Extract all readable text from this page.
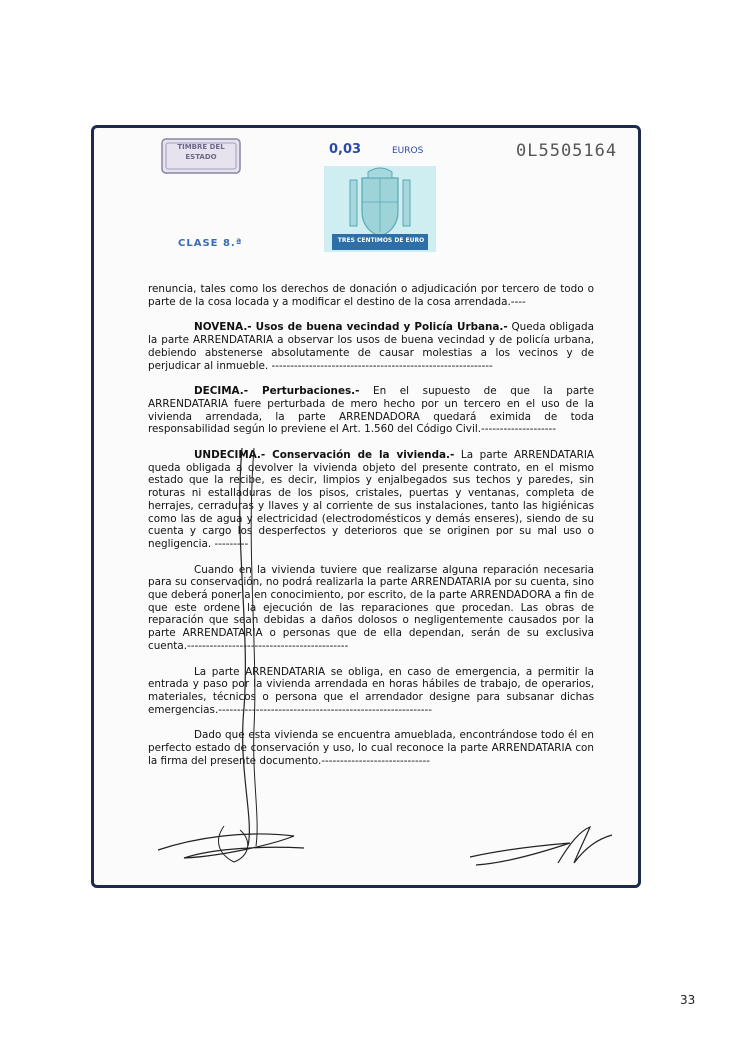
TIMBRE DEL ESTADO	0,03	EUROS
TRES CENTIMOS DE EURO
0L5505164
CLASE 8.ª

renuncia, tales como los derechos de donación o adjudicación por tercero de todo o parte de la cosa locada y a modificar el destino de la cosa arrendada.----

NOVENA.- Usos de buena vecindad y Policía Urbana.- Queda obligada la parte ARRENDATARIA a observar los usos de buena vecindad y de policía urbana, debiendo abstenerse absolutamente de causar molestias a los vecinos y de perjudicar al inmueble. -----------------------------------------------------------

DECIMA.- Perturbaciones.- En el supuesto de que la parte ARRENDATARIA fuere perturbada de mero hecho por un tercero en el uso de la vivienda arrendada, la parte ARRENDADORA quedará eximida de toda responsabilidad según lo previene el Art. 1.560 del Código Civil.--------------------

UNDECIMA.- Conservación de la vivienda.- La parte ARRENDATARIA queda obligada a devolver la vivienda objeto del presente contrato, en el mismo estado que la recibe, es decir, limpios y enjalbegados sus techos y paredes, sin roturas ni estalladuras de los pisos, cristales, puertas y ventanas, completa de herrajes, cerraduras y llaves y al corriente de sus instalaciones, tanto las higiénicas como las de agua y electricidad (electrodomésticos y demás enseres), siendo de su cuenta y cargo los desperfectos y deterioros que se originen por su mal uso o negligencia. ---------

Cuando en la vivienda tuviere que realizarse alguna reparación necesaria para su conservación, no podrá realizarla la parte ARRENDATARIA por su cuenta, sino que deberá ponerla en conocimiento, por escrito, de la parte ARRENDADORA a fin de que este ordene la ejecución de las reparaciones que procedan. Las obras de reparación que sean debidas a daños dolosos o negligentemente causados por la parte ARRENDATARIA o personas que de ella dependan, serán de su exclusiva cuenta.-------------------------------------------

La parte ARRENDATARIA se obliga, en caso de emergencia, a permitir la entrada y paso por la vivienda arrendada en horas hábiles de trabajo, de operarios, materiales, técnicos o persona que el arrendador designe para subsanar dichas emergencias.---------------------------------------------------------

Dado que esta vivienda se encuentra amueblada, encontrándose todo él en perfecto estado de conservación y uso, lo cual reconoce la parte ARRENDATARIA con la firma del presente documento.-----------------------------

33
